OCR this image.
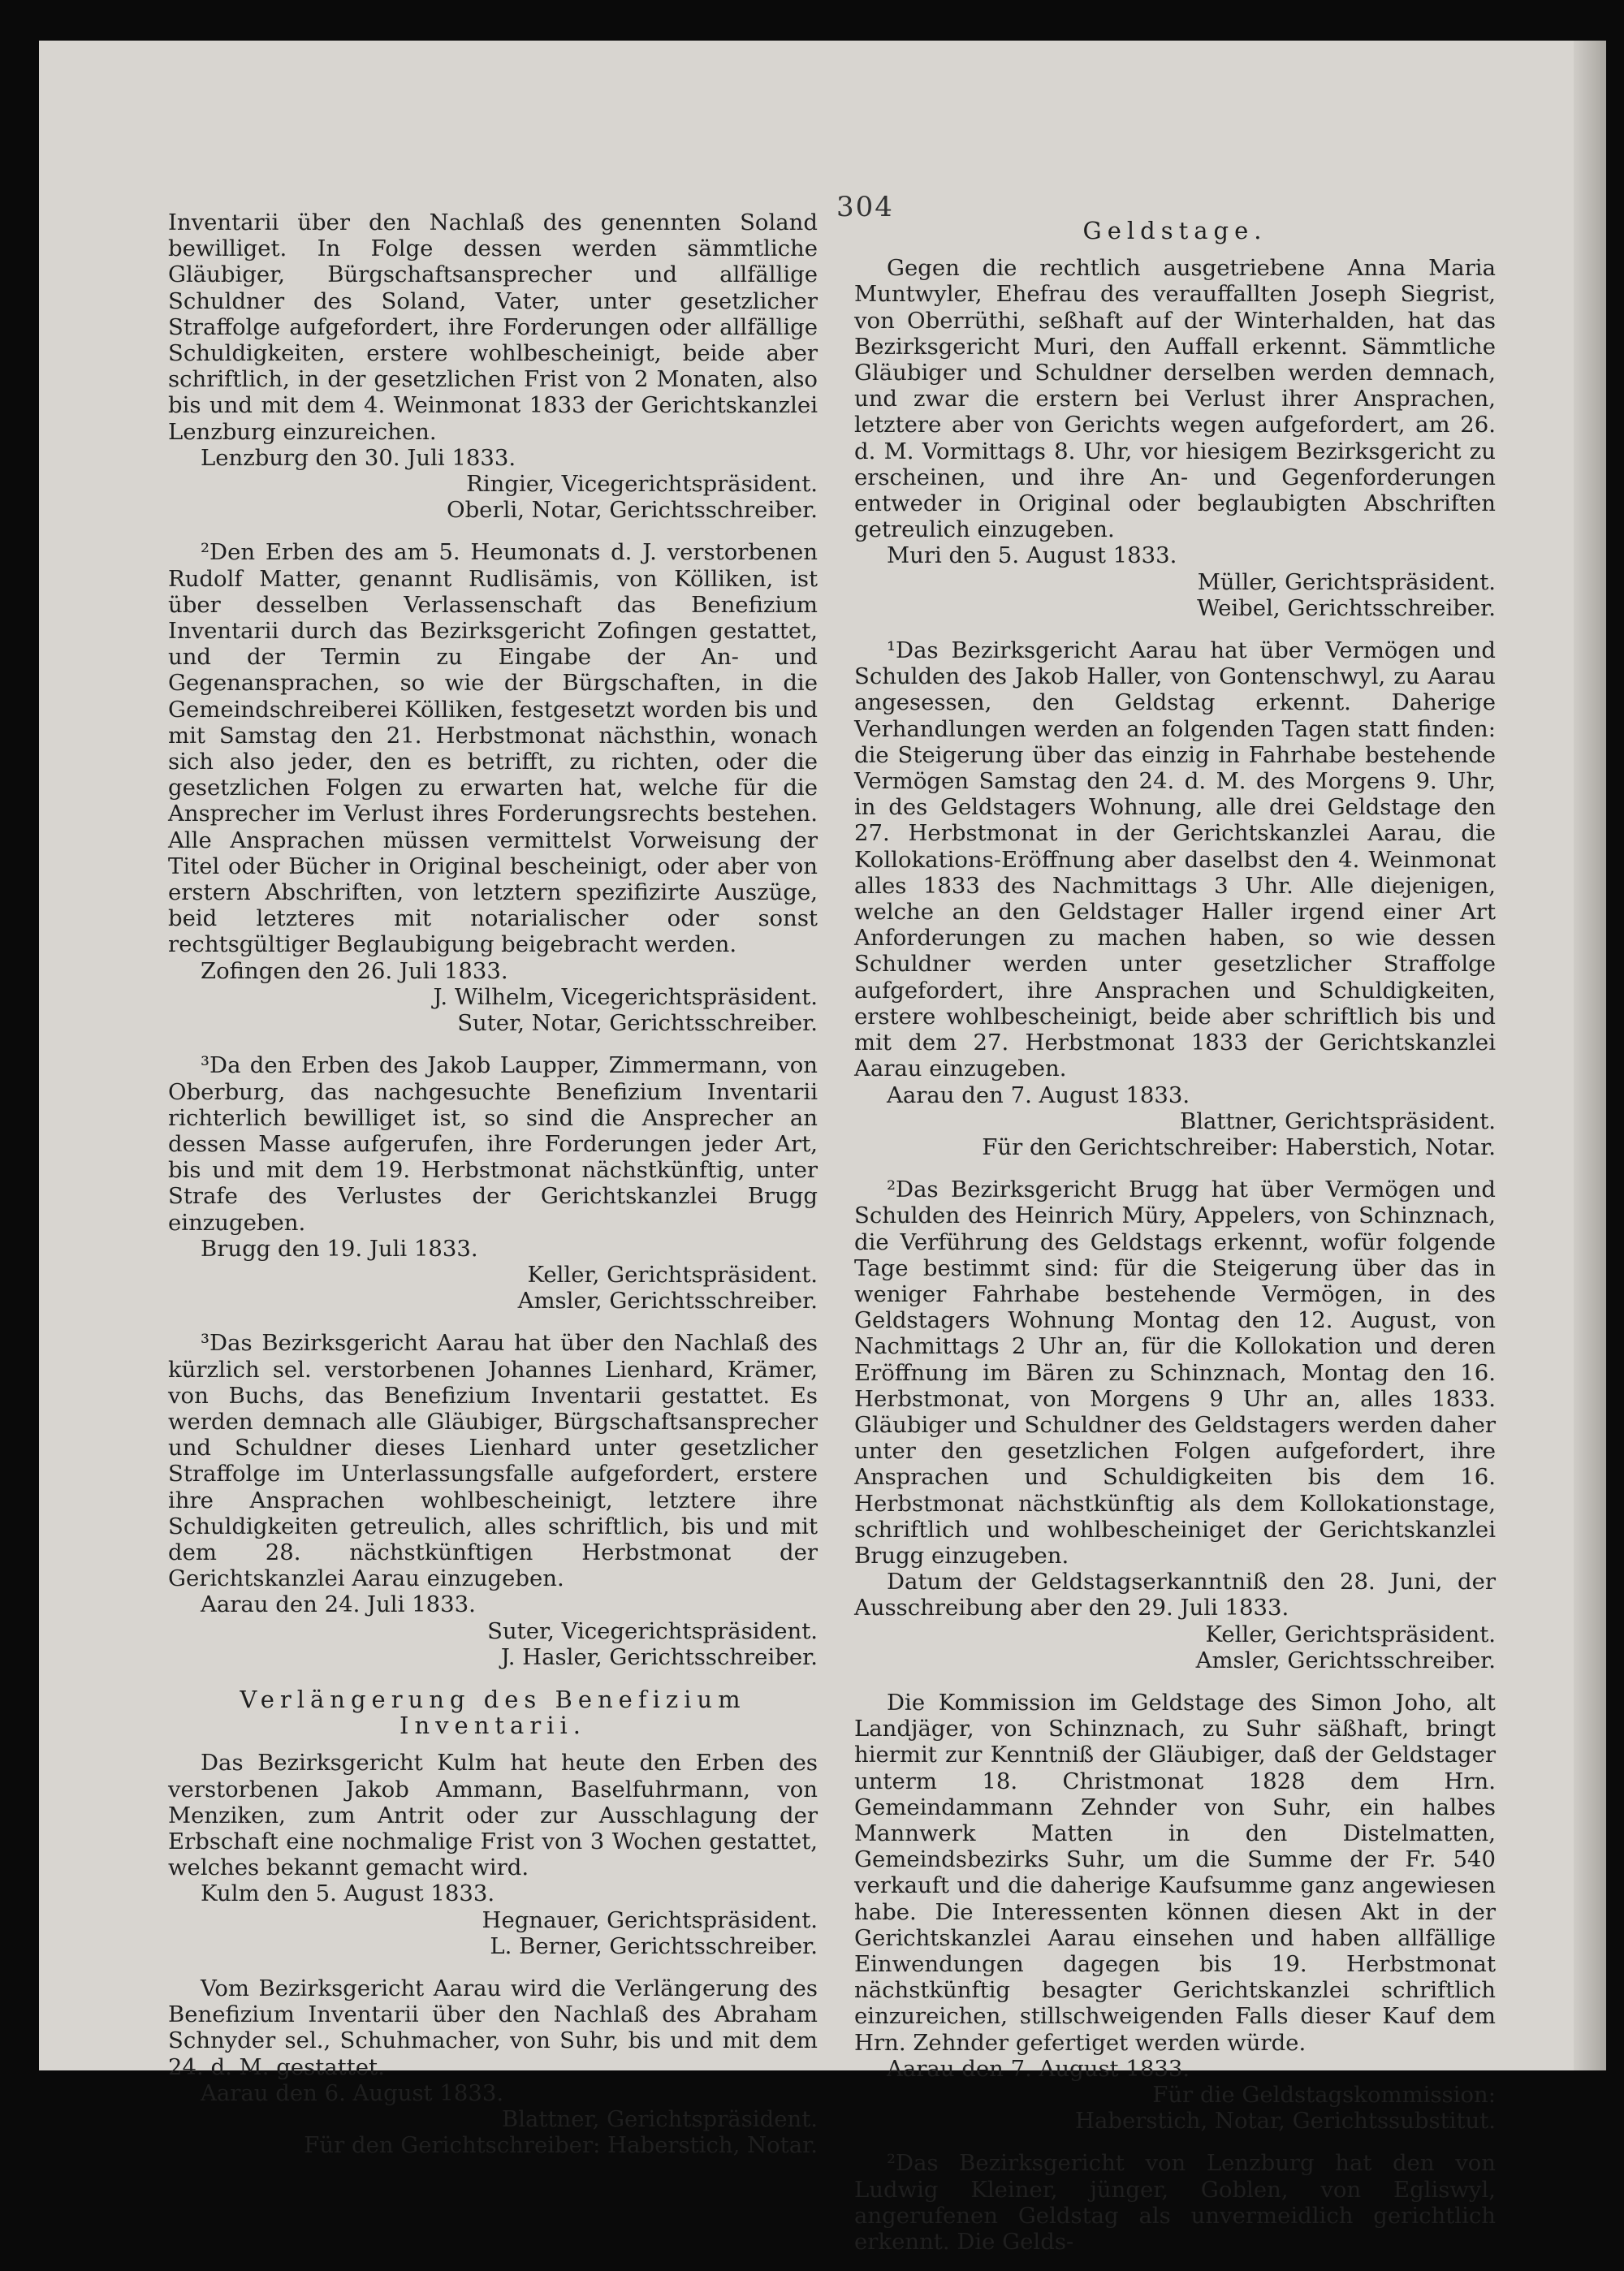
304

Inventarii über den Nachlaß des genennten Soland bewilliget. In Folge dessen werden sämmtliche Gläubiger, Bürgschaftsansprecher und allfällige Schuldner des Soland, Vater, unter gesetzlicher Straffolge aufgefordert, ihre Forderungen oder allfällige Schuldigkeiten, erstere wohlbescheinigt, beide aber schriftlich, in der gesetzlichen Frist von 2 Monaten, also bis und mit dem 4. Weinmonat 1833 der Gerichtskanzlei Lenzburg einzureichen.

Lenzburg den 30. Juli 1833.

Ringier, Vicegerichtspräsident.

Oberli, Notar, Gerichtsschreiber.

²Den Erben des am 5. Heumonats d. J. verstorbenen Rudolf Matter, genannt Rudlisämis, von Kölliken, ist über desselben Verlassenschaft das Benefizium Inventarii durch das Bezirksgericht Zofingen gestattet, und der Termin zu Eingabe der An- und Gegenansprachen, so wie der Bürgschaften, in die Gemeindschreiberei Kölliken, festgesetzt worden bis und mit Samstag den 21. Herbstmonat nächsthin, wonach sich also jeder, den es betrifft, zu richten, oder die gesetzlichen Folgen zu erwarten hat, welche für die Ansprecher im Verlust ihres Forderungsrechts bestehen. Alle Ansprachen müssen vermittelst Vorweisung der Titel oder Bücher in Original bescheinigt, oder aber von erstern Abschriften, von letztern spezifizirte Auszüge, beid letzteres mit notarialischer oder sonst rechtsgültiger Beglaubigung beigebracht werden.

Zofingen den 26. Juli 1833.

J. Wilhelm, Vicegerichtspräsident.

Suter, Notar, Gerichtsschreiber.

³Da den Erben des Jakob Laupper, Zimmermann, von Oberburg, das nachgesuchte Benefizium Inventarii richterlich bewilliget ist, so sind die Ansprecher an dessen Masse aufgerufen, ihre Forderungen jeder Art, bis und mit dem 19. Herbstmonat nächstkünftig, unter Strafe des Verlustes der Gerichtskanzlei Brugg einzugeben.

Brugg den 19. Juli 1833.

Keller, Gerichtspräsident.

Amsler, Gerichtsschreiber.

³Das Bezirksgericht Aarau hat über den Nachlaß des kürzlich sel. verstorbenen Johannes Lienhard, Krämer, von Buchs, das Benefizium Inventarii gestattet. Es werden demnach alle Gläubiger, Bürgschaftsansprecher und Schuldner dieses Lienhard unter gesetzlicher Straffolge im Unterlassungsfalle aufgefordert, erstere ihre Ansprachen wohlbescheinigt, letztere ihre Schuldigkeiten getreulich, alles schriftlich, bis und mit dem 28. nächstkünftigen Herbstmonat der Gerichtskanzlei Aarau einzugeben.

Aarau den 24. Juli 1833.

Suter, Vicegerichtspräsident.

J. Hasler, Gerichtsschreiber.

Verlängerung des Benefizium Inventarii.

Das Bezirksgericht Kulm hat heute den Erben des verstorbenen Jakob Ammann, Baselfuhrmann, von Menziken, zum Antrit oder zur Ausschlagung der Erbschaft eine nochmalige Frist von 3 Wochen gestattet, welches bekannt gemacht wird.

Kulm den 5. August 1833.

Hegnauer, Gerichtspräsident.

L. Berner, Gerichtsschreiber.

Vom Bezirksgericht Aarau wird die Verlängerung des Benefizium Inventarii über den Nachlaß des Abraham Schnyder sel., Schuhmacher, von Suhr, bis und mit dem 24. d. M. gestattet.

Aarau den 6. August 1833.

Blattner, Gerichtspräsident.

Für den Gerichtschreiber: Haberstich, Notar.

Geldstage.

Gegen die rechtlich ausgetriebene Anna Maria Muntwyler, Ehefrau des verauffallten Joseph Siegrist, von Oberrüthi, seßhaft auf der Winterhalden, hat das Bezirksgericht Muri, den Auffall erkennt. Sämmtliche Gläubiger und Schuldner derselben werden demnach, und zwar die erstern bei Verlust ihrer Ansprachen, letztere aber von Gerichts wegen aufgefordert, am 26. d. M. Vormittags 8. Uhr, vor hiesigem Bezirksgericht zu erscheinen, und ihre An- und Gegenforderungen entweder in Original oder beglaubigten Abschriften getreulich einzugeben.

Muri den 5. August 1833.

Müller, Gerichtspräsident.

Weibel, Gerichtsschreiber.

¹Das Bezirksgericht Aarau hat über Vermögen und Schulden des Jakob Haller, von Gontenschwyl, zu Aarau angesessen, den Geldstag erkennt. Daherige Verhandlungen werden an folgenden Tagen statt finden: die Steigerung über das einzig in Fahrhabe bestehende Vermögen Samstag den 24. d. M. des Morgens 9. Uhr, in des Geldstagers Wohnung, alle drei Geldstage den 27. Herbstmonat in der Gerichtskanzlei Aarau, die Kollokations-Eröffnung aber daselbst den 4. Weinmonat alles 1833 des Nachmittags 3 Uhr. Alle diejenigen, welche an den Geldstager Haller irgend einer Art Anforderungen zu machen haben, so wie dessen Schuldner werden unter gesetzlicher Straffolge aufgefordert, ihre Ansprachen und Schuldigkeiten, erstere wohlbescheinigt, beide aber schriftlich bis und mit dem 27. Herbstmonat 1833 der Gerichtskanzlei Aarau einzugeben.

Aarau den 7. August 1833.

Blattner, Gerichtspräsident.

Für den Gerichtschreiber: Haberstich, Notar.

²Das Bezirksgericht Brugg hat über Vermögen und Schulden des Heinrich Müry, Appelers, von Schinznach, die Verführung des Geldstags erkennt, wofür folgende Tage bestimmt sind: für die Steigerung über das in weniger Fahrhabe bestehende Vermögen, in des Geldstagers Wohnung Montag den 12. August, von Nachmittags 2 Uhr an, für die Kollokation und deren Eröffnung im Bären zu Schinznach, Montag den 16. Herbstmonat, von Morgens 9 Uhr an, alles 1833. Gläubiger und Schuldner des Geldstagers werden daher unter den gesetzlichen Folgen aufgefordert, ihre Ansprachen und Schuldigkeiten bis dem 16. Herbstmonat nächstkünftig als dem Kollokationstage, schriftlich und wohlbescheiniget der Gerichtskanzlei Brugg einzugeben.

Datum der Geldstagserkanntniß den 28. Juni, der Ausschreibung aber den 29. Juli 1833.

Keller, Gerichtspräsident.

Amsler, Gerichtsschreiber.

Die Kommission im Geldstage des Simon Joho, alt Landjäger, von Schinznach, zu Suhr säßhaft, bringt hiermit zur Kenntniß der Gläubiger, daß der Geldstager unterm 18. Christmonat 1828 dem Hrn. Gemeindammann Zehnder von Suhr, ein halbes Mannwerk Matten in den Distelmatten, Gemeindsbezirks Suhr, um die Summe der Fr. 540 verkauft und die daherige Kaufsumme ganz angewiesen habe. Die Interessenten können diesen Akt in der Gerichtskanzlei Aarau einsehen und haben allfällige Einwendungen dagegen bis 19. Herbstmonat nächstkünftig besagter Gerichtskanzlei schriftlich einzureichen, stillschweigenden Falls dieser Kauf dem Hrn. Zehnder gefertiget werden würde.

Aarau den 7. August 1833.

Für die Geldstagskommission:

Haberstich, Notar, Gerichtssubstitut.

²Das Bezirksgericht von Lenzburg hat den von Ludwig Kleiner, jünger, Goblen, von Egliswyl, angerufenen Geldstag als unvermeidlich gerichtlich erkennt. Die Gelds-
